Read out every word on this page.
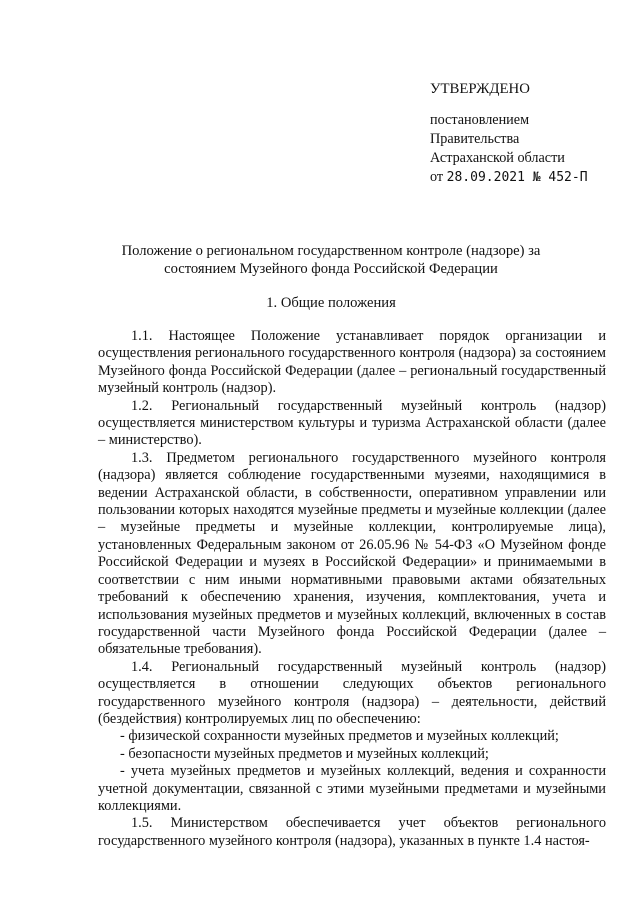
УТВЕРЖДЕНО
постановлением
Правительства
Астраханской области
от 28.09.2021 № 452-П
Положение о региональном государственном контроле (надзоре) за состоянием Музейного фонда Российской Федерации
1. Общие положения

1.1. Настоящее Положение устанавливает порядок организации и осуществления регионального государственного контроля (надзора) за состоянием Музейного фонда Российской Федерации (далее – региональный государственный музейный контроль (надзор).

1.2. Региональный государственный музейный контроль (надзор) осуществляется министерством культуры и туризма Астраханской области (далее – министерство).

1.3. Предметом регионального государственного музейного контроля (надзора) является соблюдение государственными музеями, находящимися в ведении Астраханской области, в собственности, оперативном управлении или пользовании которых находятся музейные предметы и музейные коллекции (далее – музейные предметы и музейные коллекции, контролируемые лица), установленных Федеральным законом от 26.05.96 № 54-ФЗ «О Музейном фонде Российской Федерации и музеях в Российской Федерации» и принимаемыми в соответствии с ним иными нормативными правовыми актами обязательных требований к обеспечению хранения, изучения, комплектования, учета и использования музейных предметов и музейных коллекций, включенных в состав государственной части Музейного фонда Российской Федерации (далее – обязательные требования).

1.4. Региональный государственный музейный контроль (надзор) осуществляется в отношении следующих объектов регионального государственного музейного контроля (надзора) – деятельности, действий (бездействия) контролируемых лиц по обеспечению:

- физической сохранности музейных предметов и музейных коллекций;

- безопасности музейных предметов и музейных коллекций;

- учета музейных предметов и музейных коллекций, ведения и сохранности учетной документации, связанной с этими музейными предметами и музейными коллекциями.

1.5. Министерством обеспечивается учет объектов регионального государственного музейного контроля (надзора), указанных в пункте 1.4 настоя-
